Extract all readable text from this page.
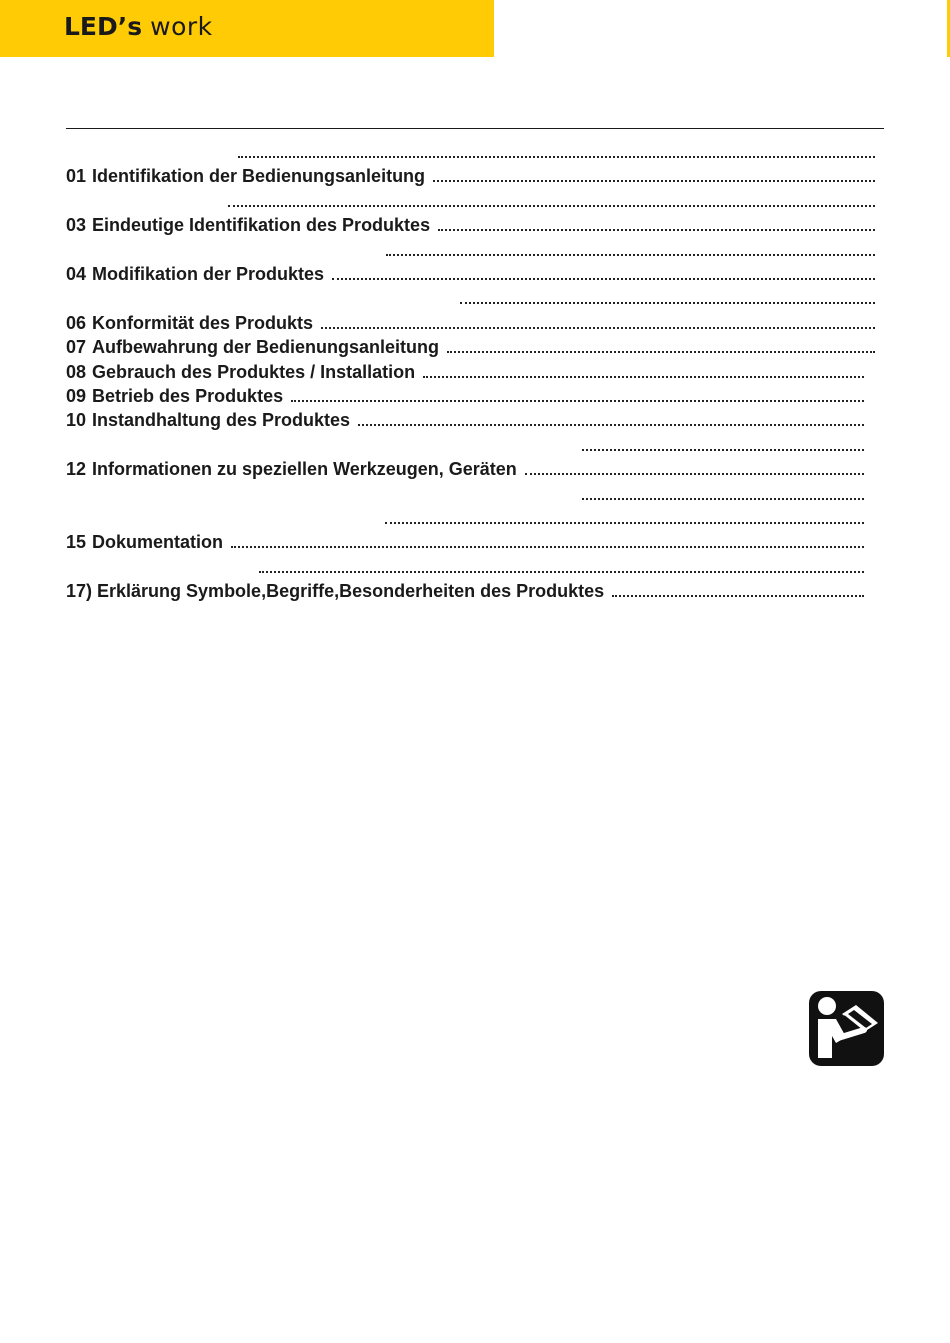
LED’s work
01 Identifikation der Bedienungsanleitung
03 Eindeutige Identifikation des Produktes
04 Modifikation der Produktes
06 Konformität des Produkts
07 Aufbewahrung der Bedienungsanleitung
08 Gebrauch des Produktes / Installation
09 Betrieb des Produktes
10 Instandhaltung des Produktes
12 Informationen zu speziellen Werkzeugen, Geräten
15 Dokumentation
17) Erklärung Symbole,Begriffe,Besonderheiten des Produktes
